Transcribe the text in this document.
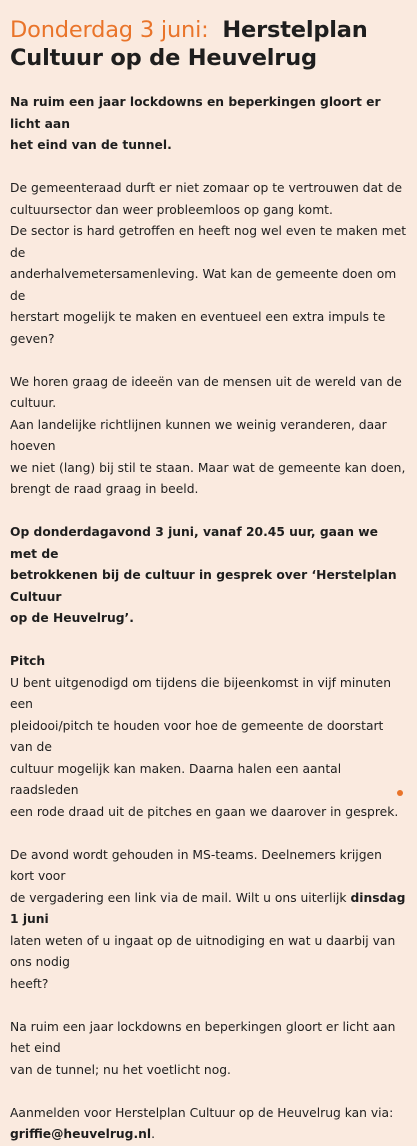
Donderdag 3 juni: Herstelplan
Cultuur op de Heuvelrug

Na ruim een jaar lockdowns en beperkingen gloort er licht aan
het eind van de tunnel.

De gemeenteraad durft er niet zomaar op te vertrouwen dat de
cultuursector dan weer probleemloos op gang komt.
De sector is hard getroffen en heeft nog wel even te maken met de
anderhalvemetersamenleving. Wat kan de gemeente doen om de
herstart mogelijk te maken en eventueel een extra impuls te geven?

We horen graag de ideeën van de mensen uit de wereld van de cultuur.
Aan landelijke richtlijnen kunnen we weinig veranderen, daar hoeven
we niet (lang) bij stil te staan. Maar wat de gemeente kan doen,
brengt de raad graag in beeld.

Op donderdagavond 3 juni, vanaf 20.45 uur, gaan we met de
betrokkenen bij de cultuur in gesprek over ‘Herstelplan Cultuur
op de Heuvelrug’.

Pitch
U bent uitgenodigd om tijdens die bijeenkomst in vijf minuten een
pleidooi/pitch te houden voor hoe de gemeente de doorstart van de
cultuur mogelijk kan maken. Daarna halen een aantal raadsleden
een rode draad uit de pitches en gaan we daarover in gesprek.

De avond wordt gehouden in MS-teams. Deelnemers krijgen kort voor
de vergadering een link via de mail. Wilt u ons uiterlijk dinsdag 1 juni
laten weten of u ingaat op de uitnodiging en wat u daarbij van ons nodig
heeft?

Na ruim een jaar lockdowns en beperkingen gloort er licht aan het eind
van de tunnel; nu het voetlicht nog.

Aanmelden voor Herstelplan Cultuur op de Heuvelrug kan via:
griffie@heuvelrug.nl.
